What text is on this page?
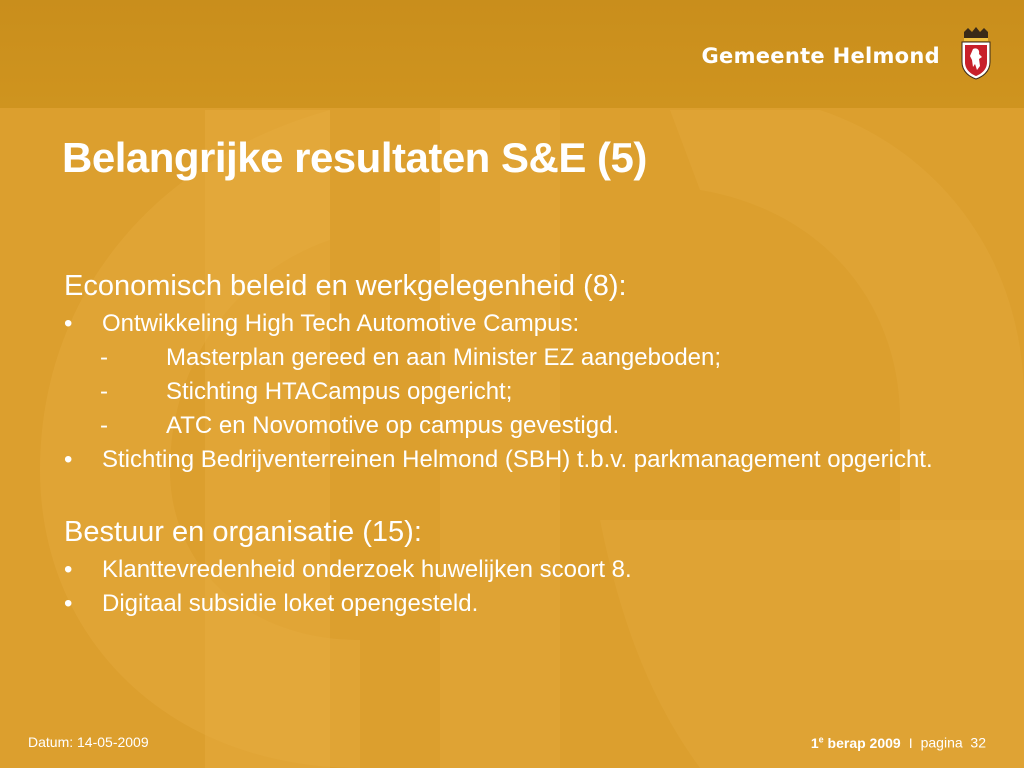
Gemeente Helmond
Belangrijke resultaten S&E (5)
Economisch beleid en werkgelegenheid (8):
• Ontwikkeling High Tech Automotive Campus:
- Masterplan gereed en aan Minister EZ aangeboden;
- Stichting HTACampus opgericht;
- ATC en Novomotive op campus gevestigd.
• Stichting Bedrijventerreinen Helmond (SBH) t.b.v. parkmanagement opgericht.
Bestuur en organisatie (15):
• Klanttevredenheid onderzoek huwelijken scoort 8.
• Digitaal subsidie loket opengesteld.
Datum: 14-05-2009	1e berap 2009 I pagina 32
